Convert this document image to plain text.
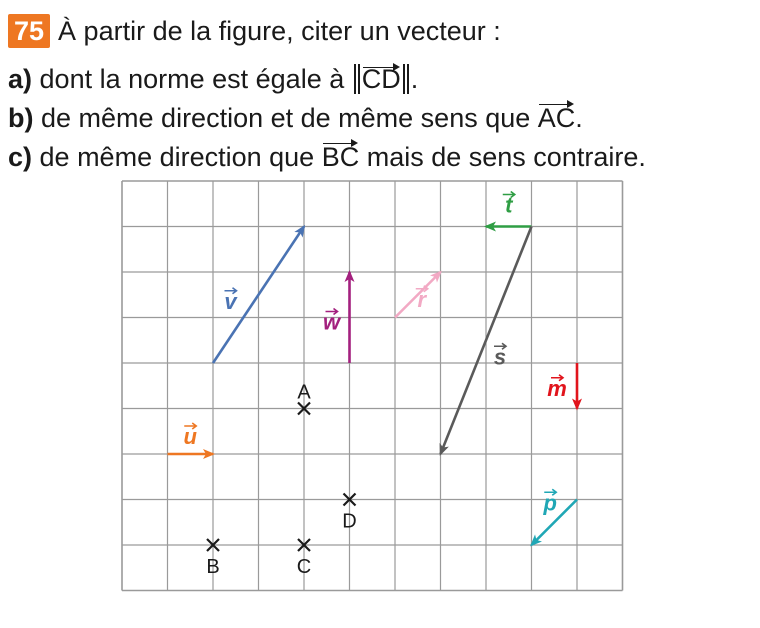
75 À partir de la figure, citer un vecteur :
a) dont la norme est égale à CD .
b) de même direction et de même sens que AC.
c) de même direction que BC mais de sens contraire.
A
B	C
D
v
w
r
t
s
m
u
p
